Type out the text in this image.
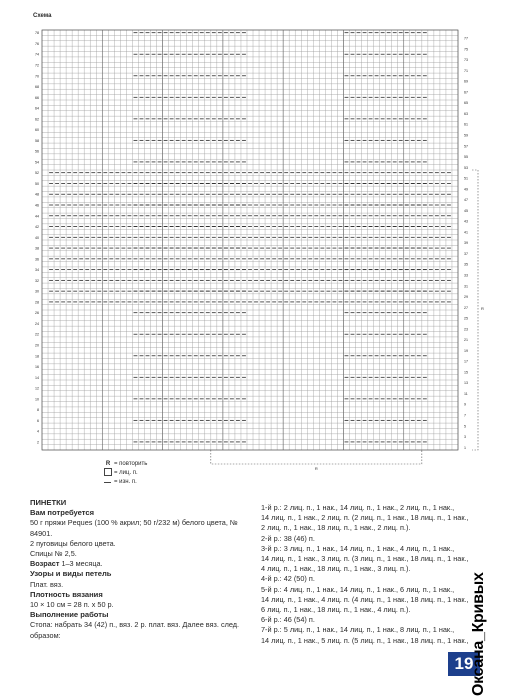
Схема
1
2
3
4
5
6
7
8
9
10
11
12
13
14
15
16
17
18
19
20
21
22
23
24
25
26
27
28
29
30
31
32
33
34
35
36
37
38
39
40
41
42
43
44
45
46
47
48
49
50
51
52
53
54
55
56
57
58
59
60
61
62
63
64
65
66
67
68
69
70
71
72
73
74
75
76
77
78
R
R
R = повторить
= лиц. п.
= изн. п.
ПИНЕТКИ
Вам потребуется
50 г пряжи Peques (100 % акрил; 50 г/232 м) белого цвета, № 84901.
2 пуговицы белого цвета.
Спицы № 2,5.
Возраст 1–3 месяца.
Узоры и виды петель
Плат. вяз.
Плотность вязания
10 × 10 см = 28 п. x 50 р.
Выполнение работы
Стопа: набрать 34 (42) п., вяз. 2 р. плат. вяз. Далее вяз. след.
образом:
1-й р.: 2 лиц. п., 1 нак., 14 лиц. п., 1 нак., 2 лиц. п., 1 нак.,
14 лиц. п., 1 нак., 2 лиц. п. (2 лиц. п., 1 нак., 18 лиц. п., 1 нак.,
2 лиц. п., 1 нак., 18 лиц. п., 1 нак., 2 лиц. п.).
2-й р.: 38 (46) п.
3-й р.: 3 лиц. п., 1 нак., 14 лиц. п., 1 нак., 4 лиц. п., 1 нак.,
14 лиц. п., 1 нак., 3 лиц. п. (3 лиц. п., 1 нак., 18 лиц. п., 1 нак.,
4 лиц. п., 1 нак., 18 лиц. п., 1 нак., 3 лиц. п.).
4-й р.: 42 (50) п.
5-й р.: 4 лиц. п., 1 нак., 14 лиц. п., 1 нак., 6 лиц. п., 1 нак.,
14 лиц. п., 1 нак., 4 лиц. п. (4 лиц. п., 1 нак., 18 лиц. п., 1 нак.,
6 лиц. п., 1 нак., 18 лиц. п., 1 нак., 4 лиц. п.).
6-й р.: 46 (54) п.
7-й р.: 5 лиц. п., 1 нак., 14 лиц. п., 1 нак., 8 лиц. п., 1 нак.,
14 лиц. п., 1 нак., 5 лиц. п. (5 лиц. п., 1 нак., 18 лиц. п., 1 нак.,
19
Оксана_Кривых
